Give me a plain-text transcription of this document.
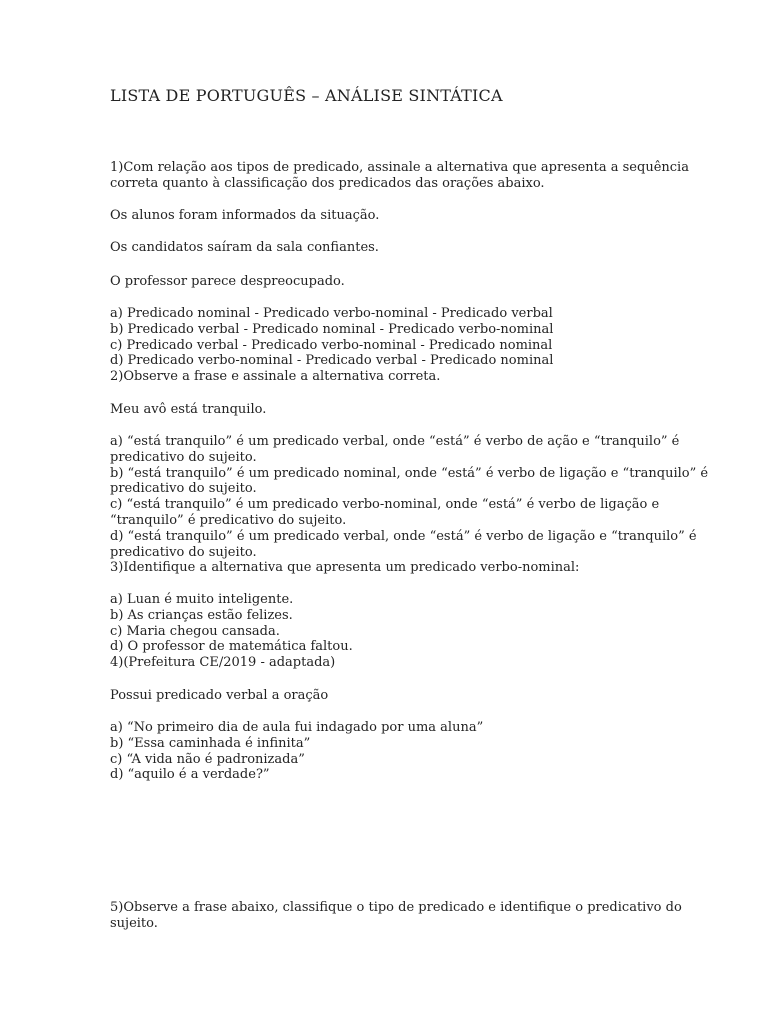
LISTA DE PORTUGUÊS – ANÁLISE SINTÁTICA
1)Com relação aos tipos de predicado, assinale a alternativa que apresenta a sequência
correta quanto à classificação dos predicados das orações abaixo.
Os alunos foram informados da situação.
Os candidatos saíram da sala confiantes.
O professor parece despreocupado.
a) Predicado nominal - Predicado verbo-nominal - Predicado verbal
b) Predicado verbal - Predicado nominal - Predicado verbo-nominal
c) Predicado verbal - Predicado verbo-nominal - Predicado nominal
d) Predicado verbo-nominal - Predicado verbal - Predicado nominal
2)Observe a frase e assinale a alternativa correta.
Meu avô está tranquilo.
a) “está tranquilo” é um predicado verbal, onde “está” é verbo de ação e “tranquilo” é
predicativo do sujeito.
b) “está tranquilo” é um predicado nominal, onde “está” é verbo de ligação e “tranquilo” é
predicativo do sujeito.
c) “está tranquilo” é um predicado verbo-nominal, onde “está” é verbo de ligação e
“tranquilo” é predicativo do sujeito.
d) “está tranquilo” é um predicado verbal, onde “está” é verbo de ligação e “tranquilo” é
predicativo do sujeito.
3)Identifique a alternativa que apresenta um predicado verbo-nominal:
a) Luan é muito inteligente.
b) As crianças estão felizes.
c) Maria chegou cansada.
d) O professor de matemática faltou.
4)(Prefeitura CE/2019 - adaptada)
Possui predicado verbal a oração
a) “No primeiro dia de aula fui indagado por uma aluna”
b) “Essa caminhada é infinita”
c) “A vida não é padronizada”
d) “aquilo é a verdade?”
5)Observe a frase abaixo, classifique o tipo de predicado e identifique o predicativo do
sujeito.
